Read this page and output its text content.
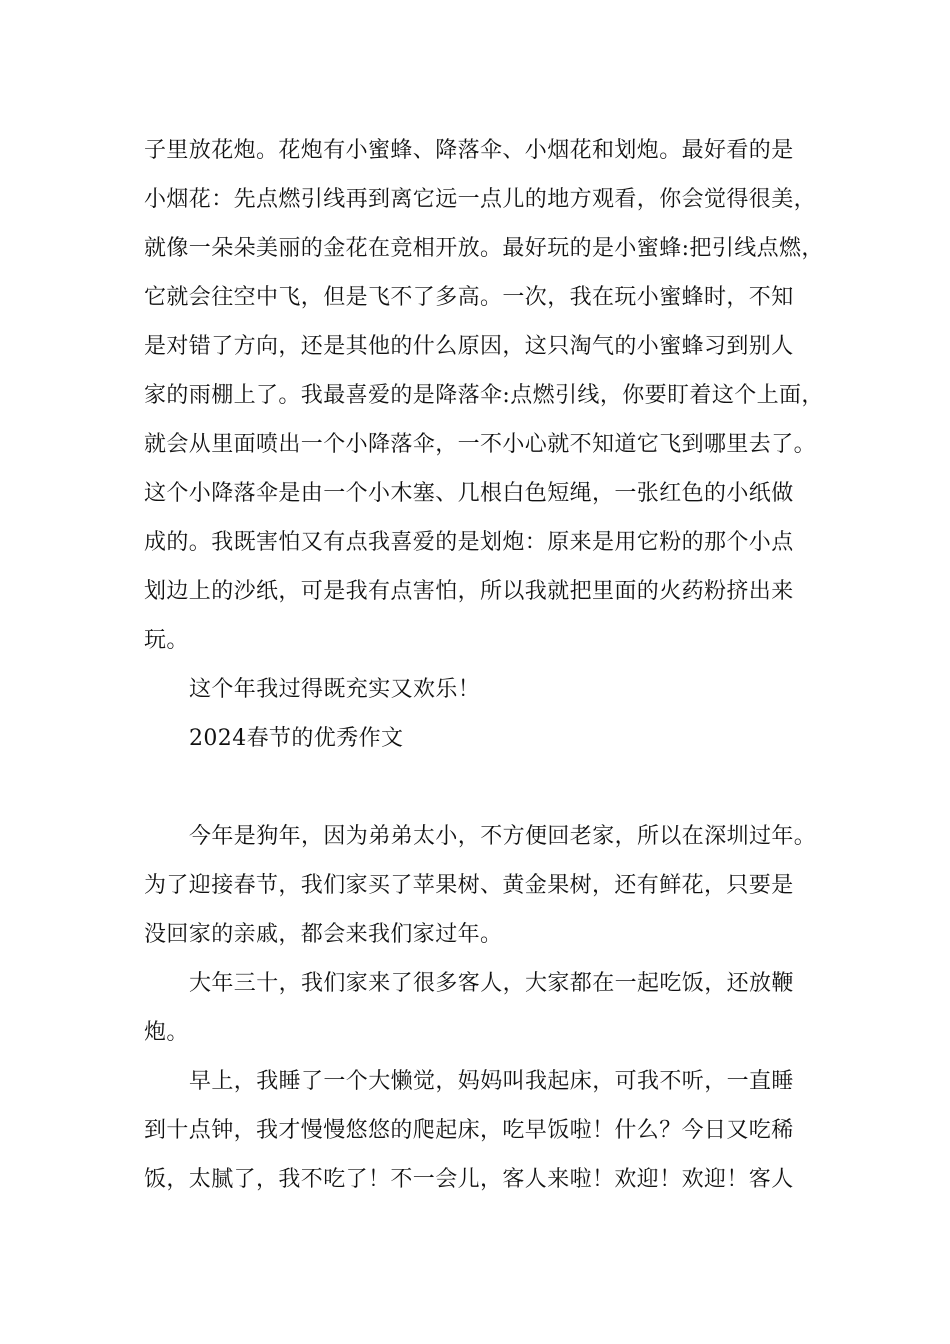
子里放花炮。花炮有小蜜蜂、降落伞、小烟花和划炮。最好看的是
小烟花：先点燃引线再到离它远一点儿的地方观看，你会觉得很美，
就像一朵朵美丽的金花在竞相开放。最好玩的是小蜜蜂:把引线点燃，
它就会往空中飞，但是飞不了多高。一次，我在玩小蜜蜂时，不知
是对错了方向，还是其他的什么原因，这只淘气的小蜜蜂习到别人
家的雨棚上了。我最喜爱的是降落伞:点燃引线，你要盯着这个上面，
就会从里面喷出一个小降落伞，一不小心就不知道它飞到哪里去了。
这个小降落伞是由一个小木塞、几根白色短绳，一张红色的小纸做
成的。我既害怕又有点我喜爱的是划炮：原来是用它粉的那个小点
划边上的沙纸，可是我有点害怕，所以我就把里面的火药粉挤出来
玩。
这个年我过得既充实又欢乐！
2024春节的优秀作文
今年是狗年，因为弟弟太小，不方便回老家，所以在深圳过年。
为了迎接春节，我们家买了苹果树、黄金果树，还有鲜花，只要是
没回家的亲戚，都会来我们家过年。
大年三十，我们家来了很多客人，大家都在一起吃饭，还放鞭
炮。
早上，我睡了一个大懒觉，妈妈叫我起床，可我不听，一直睡
到十点钟，我才慢慢悠悠的爬起床，吃早饭啦！什么？今日又吃稀
饭，太腻了，我不吃了！不一会儿，客人来啦！欢迎！欢迎！客人
